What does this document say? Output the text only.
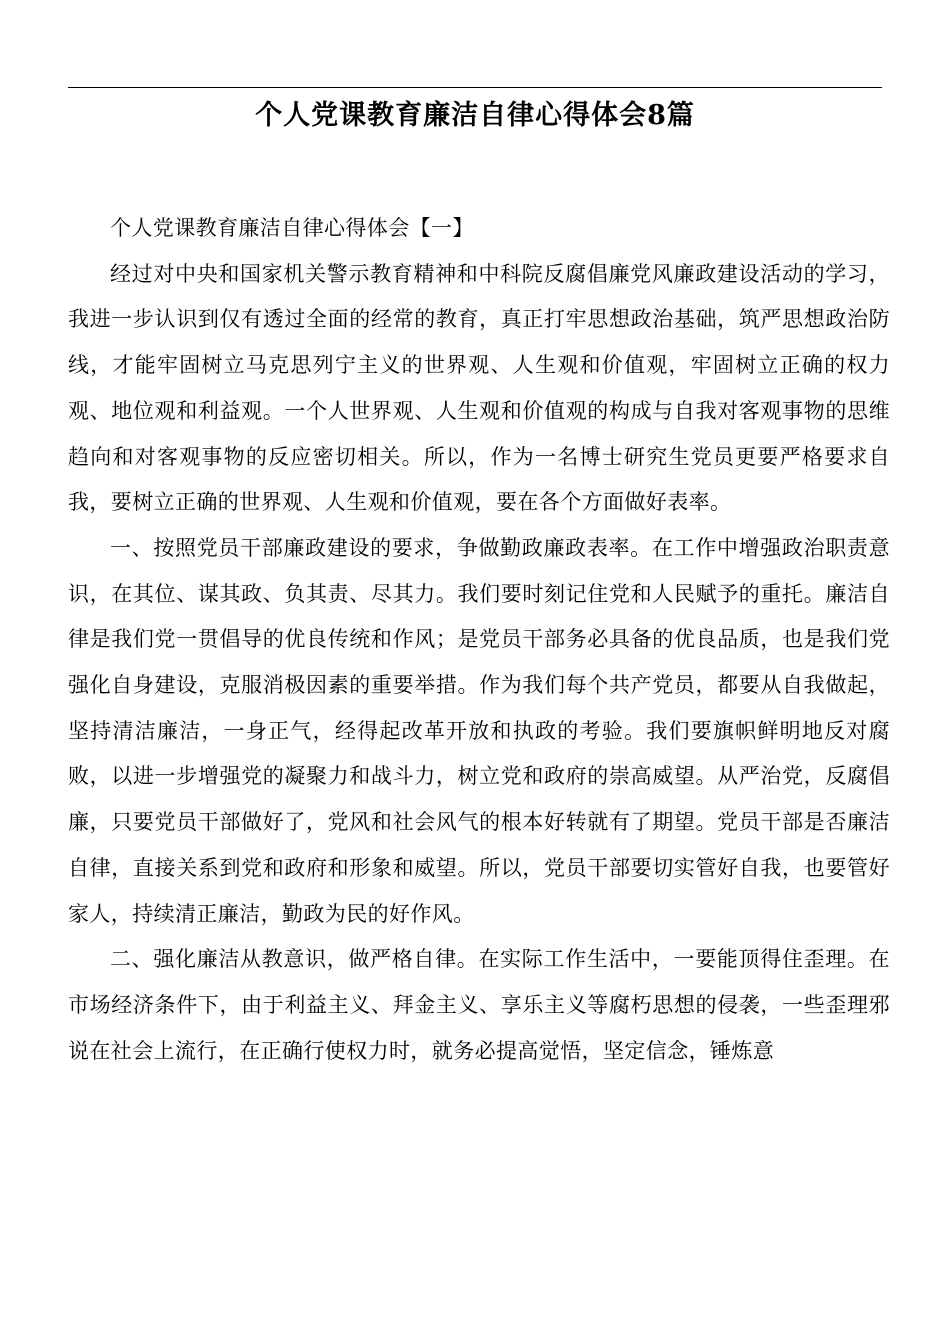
个人党课教育廉洁自律心得体会8篇

个人党课教育廉洁自律心得体会【一】

经过对中央和国家机关警示教育精神和中科院反腐倡廉党风廉政建设活动的学习，我进一步认识到仅有透过全面的经常的教育，真正打牢思想政治基础，筑严思想政治防线，才能牢固树立马克思列宁主义的世界观、人生观和价值观，牢固树立正确的权力观、地位观和利益观。一个人世界观、人生观和价值观的构成与自我对客观事物的思维趋向和对客观事物的反应密切相关。所以，作为一名博士研究生党员更要严格要求自我，要树立正确的世界观、人生观和价值观，要在各个方面做好表率。

一、按照党员干部廉政建设的要求，争做勤政廉政表率。在工作中增强政治职责意识，在其位、谋其政、负其责、尽其力。我们要时刻记住党和人民赋予的重托。廉洁自律是我们党一贯倡导的优良传统和作风；是党员干部务必具备的优良品质，也是我们党强化自身建设，克服消极因素的重要举措。作为我们每个共产党员，都要从自我做起，坚持清洁廉洁，一身正气，经得起改革开放和执政的考验。我们要旗帜鲜明地反对腐败，以进一步增强党的凝聚力和战斗力，树立党和政府的崇高威望。从严治党，反腐倡廉，只要党员干部做好了，党风和社会风气的根本好转就有了期望。党员干部是否廉洁自律，直接关系到党和政府和形象和威望。所以，党员干部要切实管好自我，也要管好家人，持续清正廉洁，勤政为民的好作风。

二、强化廉洁从教意识，做严格自律。在实际工作生活中，一要能顶得住歪理。在市场经济条件下，由于利益主义、拜金主义、享乐主义等腐朽思想的侵袭，一些歪理邪说在社会上流行，在正确行使权力时，就务必提高觉悟，坚定信念，锤炼意
